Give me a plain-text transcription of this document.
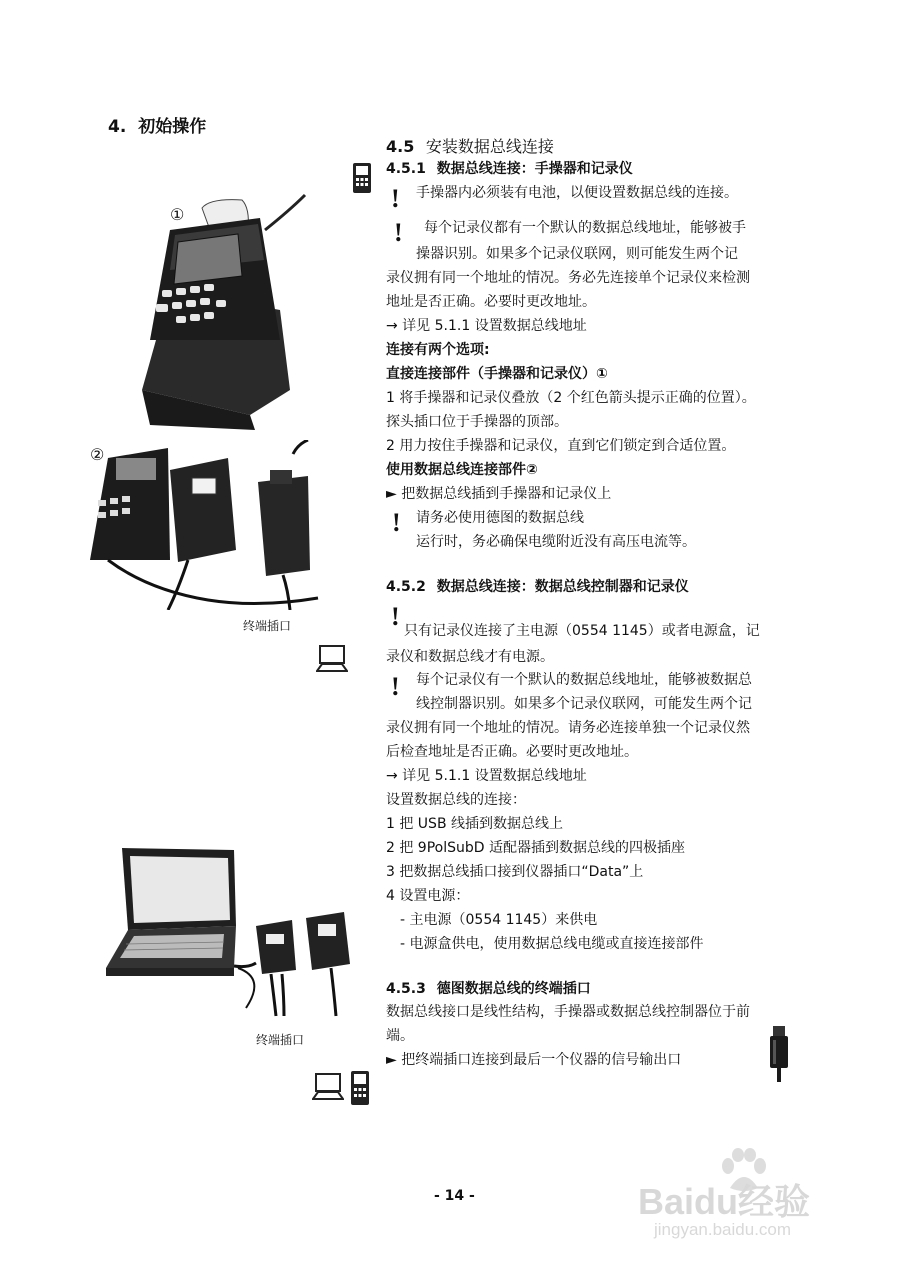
4. 初始操作
4.5 安装数据总线连接
4.5.1 数据总线连接：手操器和记录仪
! 手操器内必须装有电池，以便设置数据总线的连接。
! 每个记录仪都有一个默认的数据总线地址，能够被手
操器识别。如果多个记录仪联网，则可能发生两个记
录仪拥有同一个地址的情况。务必先连接单个记录仪来检测
地址是否正确。必要时更改地址。
→ 详见 5.1.1 设置数据总线地址
连接有两个选项:
直接连接部件（手操器和记录仪）①
1 将手操器和记录仪叠放（2 个红色箭头提示正确的位置）。
探头插口位于手操器的顶部。
2 用力按住手操器和记录仪，直到它们锁定到合适位置。
使用数据总线连接部件②
► 把数据总线插到手操器和记录仪上
! 请务必使用德图的数据总线
运行时，务必确保电缆附近没有高压电流等。
4.5.2 数据总线连接：数据总线控制器和记录仪
! 只有记录仪连接了主电源（0554 1145）或者电源盒，记
录仪和数据总线才有电源。
! 每个记录仪有一个默认的数据总线地址，能够被数据总
线控制器识别。如果多个记录仪联网，可能发生两个记
录仪拥有同一个地址的情况。请务必连接单独一个记录仪然
后检查地址是否正确。必要时更改地址。
→ 详见 5.1.1 设置数据总线地址
设置数据总线的连接：
1 把 USB 线插到数据总线上
2 把 9PolSubD 适配器插到数据总线的四极插座
3 把数据总线插口接到仪器插口“Data”上
4 设置电源：
- 主电源（0554 1145）来供电
- 电源盒供电，使用数据总线电缆或直接连接部件
4.5.3 德图数据总线的终端插口
数据总线接口是线性结构，手操器或数据总线控制器位于前
端。
► 把终端插口连接到最后一个仪器的信号输出口
①
②
终端插口
终端插口
- 14 -	Baidu经验
jingyan.baidu.com
